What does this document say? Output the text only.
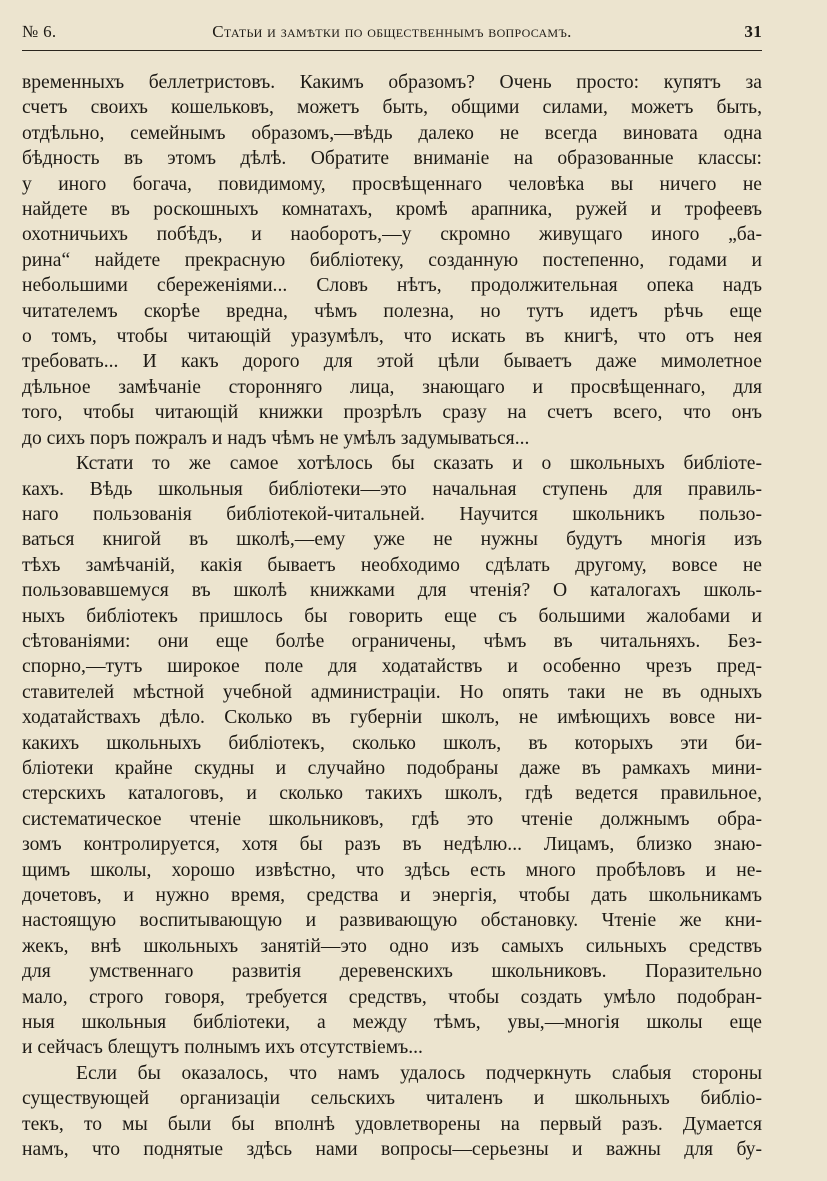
№ 6.	Статьи и замѣтки по общественнымъ вопросамъ.	31
временныхъ беллетристовъ. Какимъ образомъ? Очень просто: купятъ за
счетъ своихъ кошельковъ, можетъ быть, общими силами, можетъ быть,
отдѣльно, семейнымъ образомъ,—вѣдь далеко не всегда виновата одна
бѣдность въ этомъ дѣлѣ. Обратите вниманіе на образованные классы:
у иного богача, повидимому, просвѣщеннаго человѣка вы ничего не
найдете въ роскошныхъ комнатахъ, кромѣ арапника, ружей и трофеевъ
охотничьихъ побѣдъ, и наоборотъ,—у скромно живущаго иного „ба-
рина“ найдете прекрасную библіотеку, созданную постепенно, годами и
небольшими сбереженіями... Словъ нѣтъ, продолжительная опека надъ
читателемъ скорѣе вредна, чѣмъ полезна, но тутъ идетъ рѣчь еще
о томъ, чтобы читающій уразумѣлъ, что искать въ книгѣ, что отъ нея
требовать... И какъ дорого для этой цѣли бываетъ даже мимолетное
дѣльное замѣчаніе сторонняго лица, знающаго и просвѣщеннаго, для
того, чтобы читающій книжки прозрѣлъ сразу на счетъ всего, что онъ
до сихъ поръ пожралъ и надъ чѣмъ не умѣлъ задумываться...
Кстати то же самое хотѣлось бы сказать и о школьныхъ библіоте-
кахъ. Вѣдь школьныя библіотеки—это начальная ступень для правиль-
наго пользованія библіотекой-читальней. Научится школьникъ пользо-
ваться книгой въ школѣ,—ему уже не нужны будутъ многія изъ
тѣхъ замѣчаній, какія бываетъ необходимо сдѣлать другому, вовсе не
пользовавшемуся въ школѣ книжками для чтенія? О каталогахъ школь-
ныхъ библіотекъ пришлось бы говорить еще съ большими жалобами и
сѣтованіями: они еще болѣе ограничены, чѣмъ въ читальняхъ. Без-
спорно,—тутъ широкое поле для ходатайствъ и особенно чрезъ пред-
ставителей мѣстной учебной администраціи. Но опять таки не въ одныхъ
ходатайствахъ дѣло. Сколько въ губерніи школъ, не имѣющихъ вовсе ни-
какихъ школьныхъ библіотекъ, сколько школъ, въ которыхъ эти би-
бліотеки крайне скудны и случайно подобраны даже въ рамкахъ мини-
стерскихъ каталоговъ, и сколько такихъ школъ, гдѣ ведется правильное,
систематическое чтеніе школьниковъ, гдѣ это чтеніе должнымъ обра-
зомъ контролируется, хотя бы разъ въ недѣлю... Лицамъ, близко знаю-
щимъ школы, хорошо извѣстно, что здѣсь есть много пробѣловъ и не-
дочетовъ, и нужно время, средства и энергія, чтобы дать школьникамъ
настоящую воспитывающую и развивающую обстановку. Чтеніе же кни-
жекъ, внѣ школьныхъ занятій—это одно изъ самыхъ сильныхъ средствъ
для умственнаго развитія деревенскихъ школьниковъ. Поразительно
мало, строго говоря, требуется средствъ, чтобы создать умѣло подобран-
ныя школьныя библіотеки, а между тѣмъ, увы,—многія школы еще
и сейчасъ блещутъ полнымъ ихъ отсутствіемъ...
Если бы оказалось, что намъ удалось подчеркнуть слабыя стороны
существующей организаціи сельскихъ читаленъ и школьныхъ библіо-
текъ, то мы были бы вполнѣ удовлетворены на первый разъ. Думается
намъ, что поднятые здѣсь нами вопросы—серьезны и важны для бу-
